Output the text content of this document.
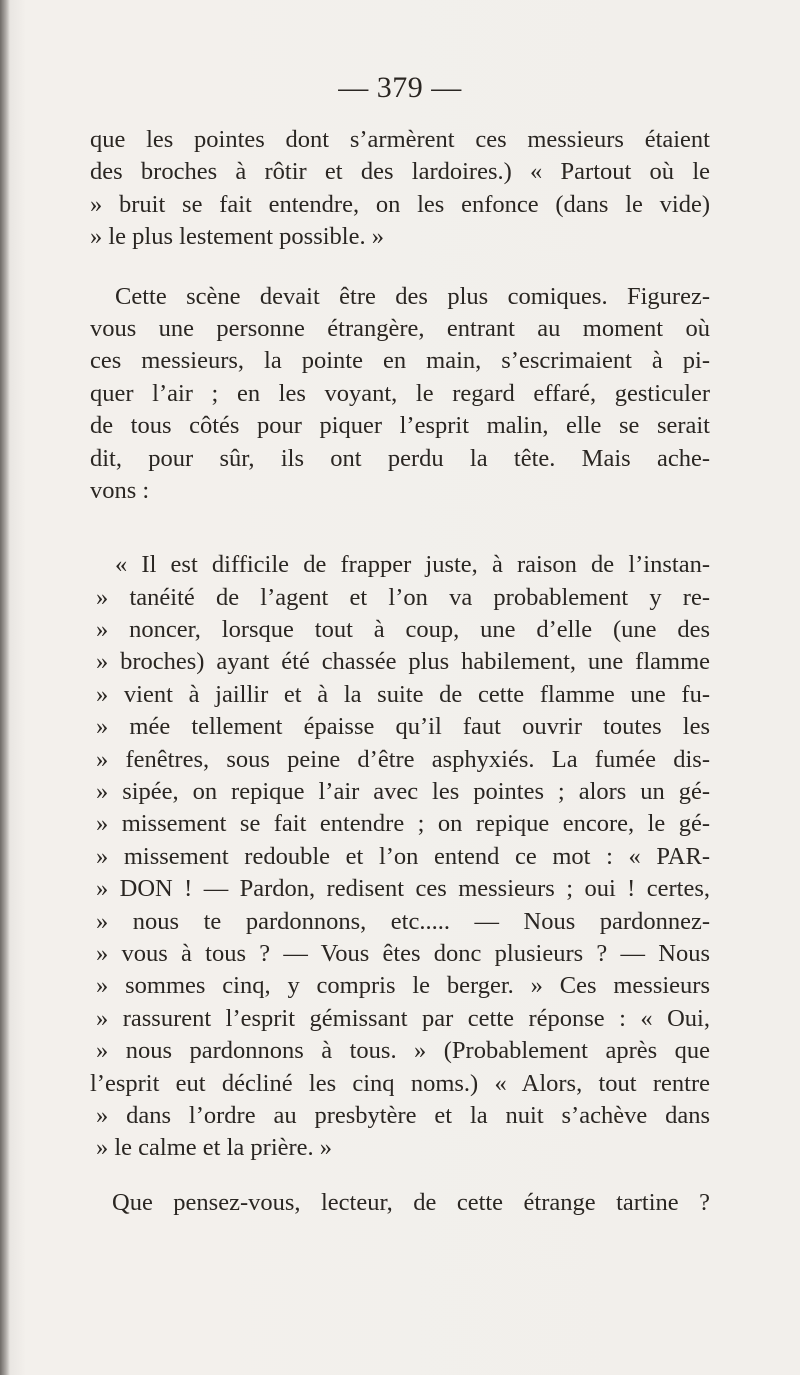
— 379 —
que les pointes dont s’armèrent ces messieurs étaient
des broches à rôtir et des lardoires.) « Partout où le
» bruit se fait entendre, on les enfonce (dans le vide)
» le plus lestement possible. »
Cette scène devait être des plus comiques. Figurez-
vous une personne étrangère, entrant au moment où
ces messieurs, la pointe en main, s’escrimaient à pi-
quer l’air ; en les voyant, le regard effaré, gesticuler
de tous côtés pour piquer l’esprit malin, elle se serait
dit, pour sûr, ils ont perdu la tête. Mais ache-
vons :
« Il est difficile de frapper juste, à raison de l’instan-
» tanéité de l’agent et l’on va probablement y re-
» noncer, lorsque tout à coup, une d’elle (une des
» broches) ayant été chassée plus habilement, une flamme
» vient à jaillir et à la suite de cette flamme une fu-
» mée tellement épaisse qu’il faut ouvrir toutes les
» fenêtres, sous peine d’être asphyxiés. La fumée dis-
» sipée, on repique l’air avec les pointes ; alors un gé-
» missement se fait entendre ; on repique encore, le gé-
» missement redouble et l’on entend ce mot : « PAR-
» DON ! — Pardon, redisent ces messieurs ; oui ! certes,
» nous te pardonnons, etc..... — Nous pardonnez-
» vous à tous ? — Vous êtes donc plusieurs ? — Nous
» sommes cinq, y compris le berger. » Ces messieurs
» rassurent l’esprit gémissant par cette réponse : « Oui,
» nous pardonnons à tous. » (Probablement après que
l’esprit eut décliné les cinq noms.) « Alors, tout rentre
» dans l’ordre au presbytère et la nuit s’achève dans
» le calme et la prière. »
Que pensez-vous, lecteur, de cette étrange tartine ?
